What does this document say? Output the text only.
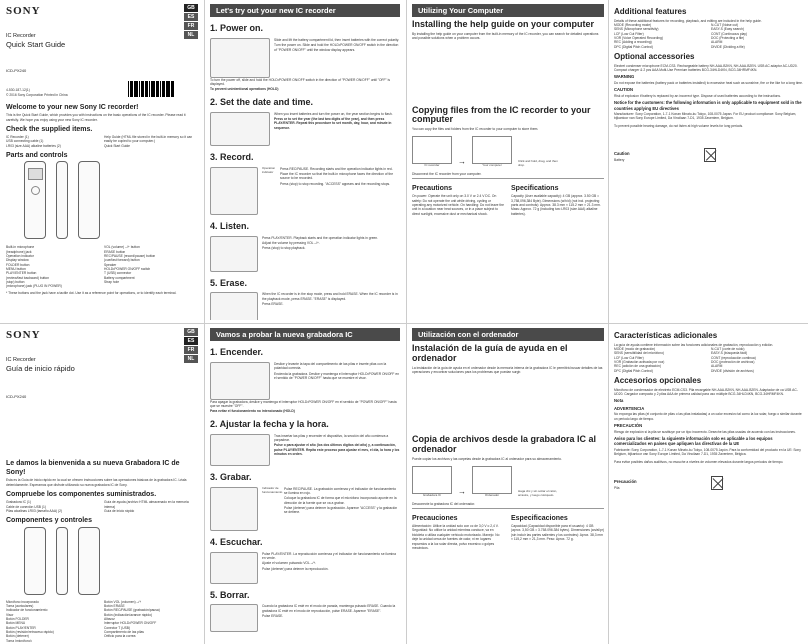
SONY	GB
ES
FR
NL
IC Recorder
Quick Start Guide
ICD-PX240
4-530-187-12(1)
© 2016 Sony Corporation Printed in China
Welcome to your new Sony IC recorder!
This is the Quick Start Guide, which provides you with instructions on the basic operations of the IC recorder. Please read it carefully. We hope you enjoy using your new Sony IC recorder.
Check the supplied items.
IC Recorder (1)
USB connecting cable (1)
LR03 (size AAA) alkaline batteries (2)
Help Guide (HTML file stored in the built-in memory so it can easily be copied to your computer.)
Quick Start Guide
Parts and controls
Built-in microphone
(headphone) jack
Operation indicator
Display window
FOLDER button
MENU button
PLAY/ENTER button
(review/fast backward) button
(stop) button
(microphone) jack (PLUG IN POWER)
VOL (volume) –/+ button
ERASE button
REC/PAUSE (record/pause) button
(cue/fast forward) button
Speaker
HOLD•POWER ON/OFF switch
T (USB) connector
Battery compartment
Strap hole
* These buttons and the jack have a tactile dot. Use it as a reference point for operations, or to identify each terminal.
Let's try out your new IC recorder
1. Power on.

Slide and lift the battery compartment lid, then insert batteries with the correct polarity.

Turn the power on. Slide and hold the HOLD•POWER ON/OFF switch in the direction of "POWER ON/OFF" until the window display appears.

To turn the power off, slide and hold the HOLD•POWER ON/OFF switch in the direction of "POWER ON/OFF" until "OFF" is displayed.
To prevent unintentional operations (HOLD)
2. Set the date and time.

When you insert batteries and turn the power on, the year section begins to flash.

Press or to set the year (the last two digits of the year), and then press PLAY/ENTER. Repeat this procedure to set month, day, hour, and minute in sequence.

3. Record.
Operation indicator

Press REC/PAUSE. Recording starts and the operation indicator lights in red.

Place the IC recorder so that the built-in microphone faces the direction of the source to be recorded.

Press (stop) to stop recording. "ACCESS" appears and the recording stops.

4. Listen.

Press PLAY/ENTER. Playback starts and the operation indicator lights in green.

Adjust the volume by pressing VOL –/+.

Press (stop) to stop playback.

5. Erase.

When the IC recorder is in the stop mode, press and hold ERASE. When the IC recorder is in the playback mode, press ERASE. "ERASE" is displayed.

Press ERASE.

Utilizing Your Computer
Installing the help guide on your computer
By installing the help guide on your computer from the built-in memory of the IC recorder, you can search for detailed operations and possible solutions when a problem occurs.
Copying files from the IC recorder to your computer
You can copy the files and folders from the IC recorder to your computer to store them.
IC recorder	→	Your computer
Click and hold, drag, and then drop.
Disconnect the IC recorder from your computer.
Precautions
On power: Operate the unit only on 3.0 V or 2.4 V DC. On safety: Do not operate the unit while driving, cycling or operating any motorized vehicle. On handling: Do not leave the unit in a location near heat sources, or in a place subject to direct sunlight, excessive dust or mechanical shock.
Specifications
Capacity (User available capacity): 4 GB (approx. 3.50 GB = 3,758,096,384 Byte). Dimensions (w/h/d) (not incl. projecting parts and controls): Approx. 38.3 mm × 115.2 mm × 21.3 mm. Mass: Approx. 72 g (including two LR03 (size AAA) alkaline batteries).
Additional features
Details of these additional features for recording, playback, and editing are included in the help guide.
MODE (Recording mode)
SENS (Microphone sensitivity)
LCF (Low Cut Filter)
VOR (Voice Operated Recording)
REC (Adding a recording)
DPC (Digital Pitch Control)
N-CUT (Noise cut)
EASY-S (Easy search)
CONT (Continuous play)
DOC (Protecting a file)
ALARM
DIVIDE (Dividing a file)
Optional accessories
Electret condenser microphone ECM-CS3. Rechargeable battery NH-AAA-B2KN, NH-AAA-B2EN. USB AC adaptor AC-UD20. Compact charger & 2 pcs AAA Multi-Use Premium batteries BCG-34HLD4KN, BCG-34HRMF4KN.
WARNING
Do not expose the batteries (battery pack or batteries installed) to excessive heat such as sunshine, fire or the like for a long time.
CAUTION
Risk of explosion if battery is replaced by an incorrect type. Dispose of used batteries according to the instructions.
Notice for the customers: the following information is only applicable to equipment sold in the countries applying EU directives
Manufacturer: Sony Corporation, 1-7-1 Konan Minato-ku Tokyo, 108-0075 Japan. For EU product compliance: Sony Belgium, bijkantoor van Sony Europe Limited, Da Vincilaan 7-D1, 1935 Zaventem, Belgium.
To prevent possible hearing damage, do not listen at high volume levels for long periods.
Caution
Battery
SONY	GB
ES
FR
NL
IC Recorder
Guía de inicio rápido
ICD-PX240
Le damos la bienvenida a su nueva Grabadora IC de Sony!
Esta es la Guía de inicio rápido en la cual se ofrecen instrucciones sobre las operaciones básicas de la grabadora IC. Léala detenidamente. Esperamos que disfrute utilizando su nueva grabadora IC de Sony.
Compruebe los componentes suministrados.
Grabadora IC (1)
Cable de conexión USB (1)
Pilas alcalinas LR03 (tamaño AAA) (2)
Guía de ayuda (archivo HTML almacenado en la memoria interna)
Guía de inicio rápido
Componentes y controles
Micrófono incorporado
Toma (auriculares)
Indicador de funcionamiento
Visor
Botón FOLDER
Botón MENU
Botón PLAY/ENTER
Botón (revisión/retroceso rápido)
Botón (detener)
Toma (micrófono)
Botón VOL (volumen) –/+
Botón ERASE
Botón REC/PAUSE (grabación/pausa)
Botón (indicación/avance rápido)
Altavoz
Interruptor HOLD•POWER ON/OFF
Conector T (USB)
Compartimento de las pilas
Orificio para la correa
Vamos a probar la nueva grabadora IC
1. Encender.

Deslice y levante la tapa del compartimento de las pilas e inserte pilas con la polaridad correcta.

Encienda la grabadora. Deslice y mantenga el interruptor HOLD•POWER ON/OFF en el sentido de "POWER ON/OFF" hasta que se muestre el visor.

Para apagar la grabadora, deslice y mantenga el interruptor HOLD•POWER ON/OFF en el sentido de "POWER ON/OFF" hasta que se muestre "OFF".
Para evitar el funcionamiento no intencionado (HOLD)
2. Ajustar la fecha y la hora.

Tras insertar las pilas y encender el dispositivo, la sección del año comienza a parpadear.

Pulse o para ajustar el año (los dos últimos dígitos del año) y, a continuación, pulse PLAY/ENTER. Repita este proceso para ajustar el mes, el día, la hora y los minutos en orden.

3. Grabar.
Indicador de funcionamiento

Pulse REC/PAUSE. La grabación comienza y el indicador de funcionamiento se ilumina en rojo.

Coloque la grabadora IC de forma que el micrófono incorporado apunte en la dirección de la fuente que se va a grabar.

Pulse (detener) para detener la grabación. Aparece "ACCESS" y la grabación se detiene.

4. Escuchar.

Pulse PLAY/ENTER. La reproducción comienza y el indicador de funcionamiento se ilumina en verde.

Ajuste el volumen pulsando VOL –/+.

Pulse (detener) para detener la reproducción.

5. Borrar.

Cuando la grabadora IC esté en el modo de parada, mantenga pulsado ERASE. Cuando la grabadora IC esté en el modo de reproducción, pulse ERASE. Aparece "ERASE".

Pulse ERASE.

Utilización con el ordenador
Instalación de la guía de ayuda en el ordenador
La instalación de la guía de ayuda en el ordenador desde la memoria interna de la grabadora IC le permitirá buscar detalles de las operaciones y encontrar soluciones para los problemas que puedan surgir.
Copia de archivos desde la grabadora IC al ordenador
Puede copiar los archivos y las carpetas desde la grabadora IC al ordenador para su almacenamiento.
Grabadora IC	→	Ordenador
Haga clic y sin soltar el ratón, arrastre, y luego colóquelo.
Desconecte la grabadora IC del ordenador.
Precauciones
Alimentación: Utilice la unidad solo con cc de 3,0 V o 2,4 V. Seguridad: No utilice la unidad mientras conduce, va en bicicleta o utiliza cualquier vehículo motorizado. Manejo: No deje la unidad cerca de fuentes de calor, ni en lugares expuestos a la luz solar directa, polvo excesivo o golpes mecánicos.
Especificaciones
Capacidad (Capacidad disponible para el usuario): 4 GB (aprox. 3,50 GB = 3.758.096.384 bytes). Dimensiones (an/al/pr) (sin incluir las partes salientes y los controles): Aprox. 38,3 mm × 115,2 mm × 21,3 mm. Peso: Aprox. 72 g.
Características adicionales
La guía de ayuda contiene información sobre las funciones adicionales de grabación, reproducción y edición.
MODE (modo de grabación)
SENS (sensibilidad del micrófono)
LCF (Low Cut Filter)
VOR (Grabación activada por voz)
REC (adición de una grabación)
DPC (Digital Pitch Control)
N-CUT (corte de ruido)
EASY-S (búsqueda fácil)
CONT (reproducción continua)
DOC (protección de archivos)
ALARM
DIVIDE (división de archivos)
Accesorios opcionales
Micrófono de condensador de electreto ECM-CS3. Pila recargable NH-AAA-B2KN, NH-AAA-B2EN. Adaptador de ca USB AC-UD20. Cargador compacto y 2 pilas AAA de primera calidad para uso múltiple BCG-34HLD4KN, BCG-34HRMF4KN.
Nota
ADVERTENCIA
No exponga las pilas (el conjunto de pilas o las pilas instaladas) a un calor excesivo tal como la luz solar, fuego o similar durante un periodo largo de tiempo.
PRECAUCIÓN
Riesgo de explosión si la pila se sustituye por un tipo incorrecto. Deseche las pilas usadas de acuerdo con las instrucciones.
Aviso para los clientes: la siguiente información solo es aplicable a los equipos comercializados en países que apliquen las directivas de la UE
Fabricante: Sony Corporation, 1-7-1 Konan Minato-ku Tokyo, 108-0075 Japón. Para la conformidad del producto en la UE: Sony Belgium, bijkantoor van Sony Europe Limited, Da Vincilaan 7-D1, 1935 Zaventem, Bélgica.
Para evitar posibles daños auditivos, no escuche a niveles de volumen elevados durante largos periodos de tiempo.
Precaución
Pila
